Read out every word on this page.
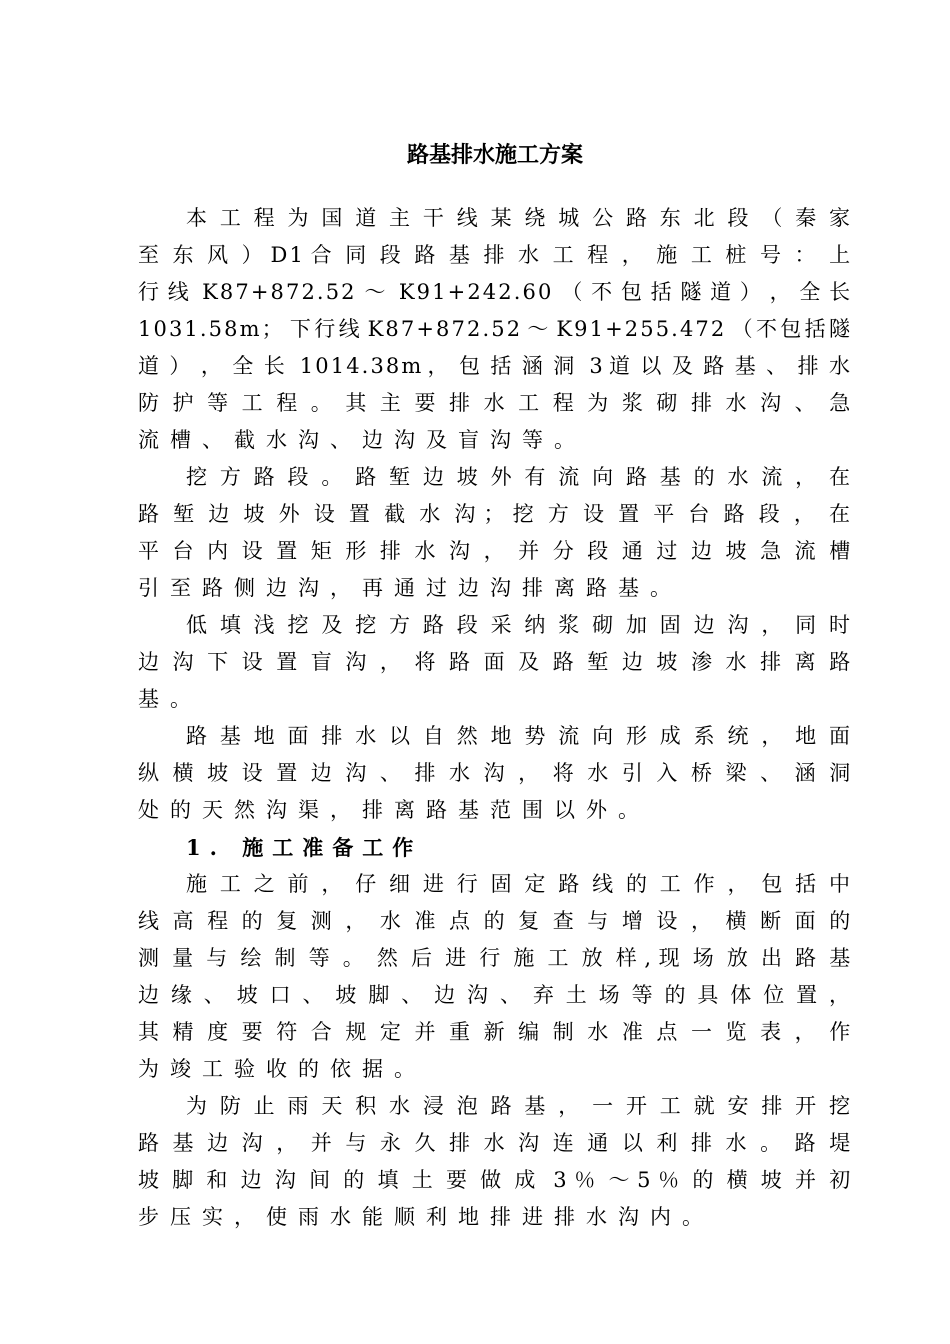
路基排水施工方案
本 工 程 为 国 道 主 干 线 某 绕 城 公 路 东 北 段 （ 秦 家
至 东 风 ） D 1 合 同 段 路 基 排 水 工 程 ， 施 工 桩 号 ： 上
行 线 K 8 7 + 8 7 2 . 5 2 ～ K 9 1 + 2 4 2 . 6 0 （ 不 包 括 隧 道 ） ， 全 长
1 0 3 1 . 5 8 m ； 下 行 线 K 8 7 + 8 7 2 . 5 2 ～ K 9 1 + 2 5 5 . 4 7 2 （ 不 包 括 隧
道 ） ， 全 长 1 0 1 4 . 3 8 m ， 包 括 涵 洞 3 道 以 及 路 基 、 排 水
防 护 等 工 程 。 其 主 要 排 水 工 程 为 浆 砌 排 水 沟 、 急
流槽、截水沟、边沟及盲沟等。
挖 方 路 段 。 路 堑 边 坡 外 有 流 向 路 基 的 水 流 ， 在
路 堑 边 坡 外 设 置 截 水 沟 ； 挖 方 设 置 平 台 路 段 ， 在
平 台 内 设 置 矩 形 排 水 沟 ， 并 分 段 通 过 边 坡 急 流 槽
引至路侧边沟，再通过边沟排离路基。
低 填 浅 挖 及 挖 方 路 段 采 纳 浆 砌 加 固 边 沟 ， 同 时
边 沟 下 设 置 盲 沟 ， 将 路 面 及 路 堑 边 坡 渗 水 排 离 路
基。
路 基 地 面 排 水 以 自 然 地 势 流 向 形 成 系 统 ， 地 面
纵 横 坡 设 置 边 沟 、 排 水 沟 ， 将 水 引 入 桥 梁 、 涵 洞
处的天然沟渠，排离路基范围以外。
1. 施工准备工作
施 工 之 前 ， 仔 细 进 行 固 定 路 线 的 工 作 ， 包 括 中
线 高 程 的 复 测 ， 水 准 点 的 复 查 与 增 设 ， 横 断 面 的
测 量 与 绘 制 等 。 然 后 进 行 施 工 放 样 , 现 场 放 出 路 基
边 缘 、 坡 口 、 坡 脚 、 边 沟 、 弃 土 场 等 的 具 体 位 置 ，
其 精 度 要 符 合 规 定 并 重 新 编 制 水 准 点 一 览 表 ， 作
为竣工验收的依据。
为 防 止 雨 天 积 水 浸 泡 路 基 ， 一 开 工 就 安 排 开 挖
路 基 边 沟 ， 并 与 永 久 排 水 沟 连 通 以 利 排 水 。 路 堤
坡 脚 和 边 沟 间 的 填 土 要 做 成 3 ％ ～ 5 ％ 的 横 坡 并 初
步压实，使雨水能顺利地排进排水沟内。
